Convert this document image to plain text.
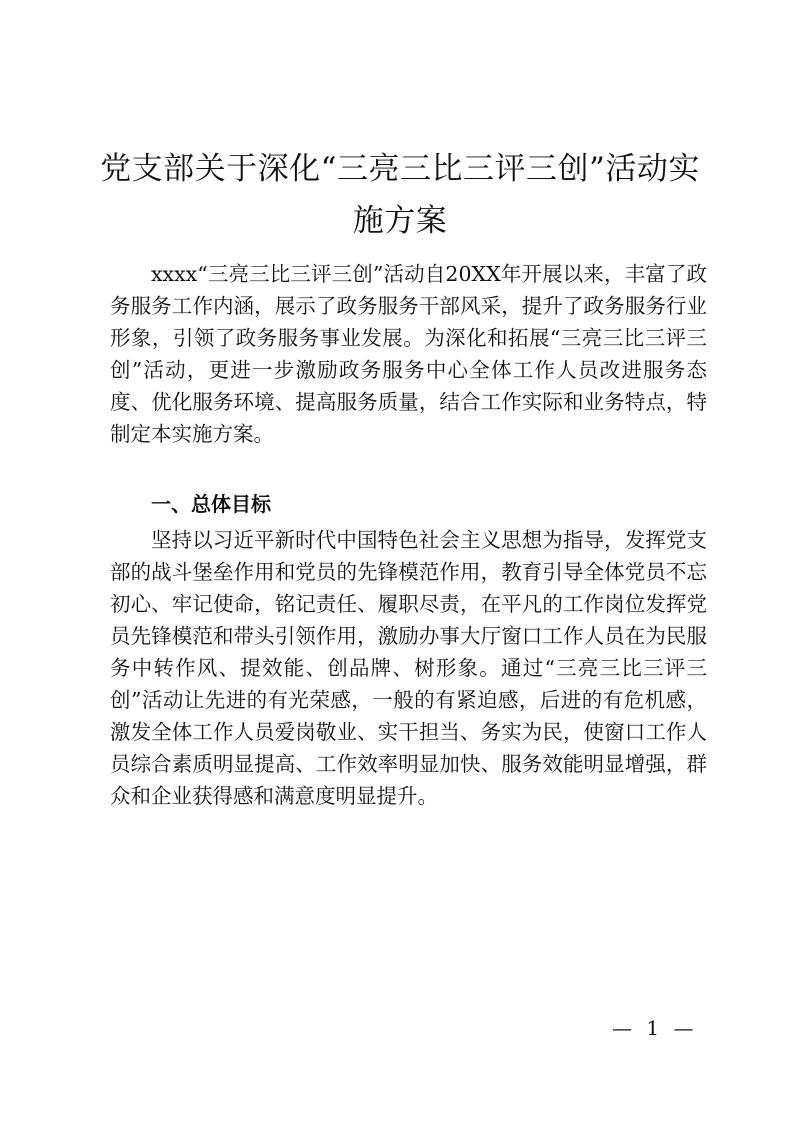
党支部关于深化“三亮三比三评三创”活动实施方案

xxxx“三亮三比三评三创”活动自20XX年开展以来，丰富了政务服务工作内涵，展示了政务服务干部风采，提升了政务服务行业形象，引领了政务服务事业发展。为深化和拓展“三亮三比三评三创”活动，更进一步激励政务服务中心全体工作人员改进服务态度、优化服务环境、提高服务质量，结合工作实际和业务特点，特制定本实施方案。

一、总体目标

坚持以习近平新时代中国特色社会主义思想为指导，发挥党支部的战斗堡垒作用和党员的先锋模范作用，教育引导全体党员不忘初心、牢记使命，铭记责任、履职尽责，在平凡的工作岗位发挥党员先锋模范和带头引领作用，激励办事大厅窗口工作人员在为民服务中转作风、提效能、创品牌、树形象。通过“三亮三比三评三创”活动让先进的有光荣感，一般的有紧迫感，后进的有危机感，激发全体工作人员爱岗敬业、实干担当、务实为民，使窗口工作人员综合素质明显提高、工作效率明显加快、服务效能明显增强，群众和企业获得感和满意度明显提升。

— 1 —
